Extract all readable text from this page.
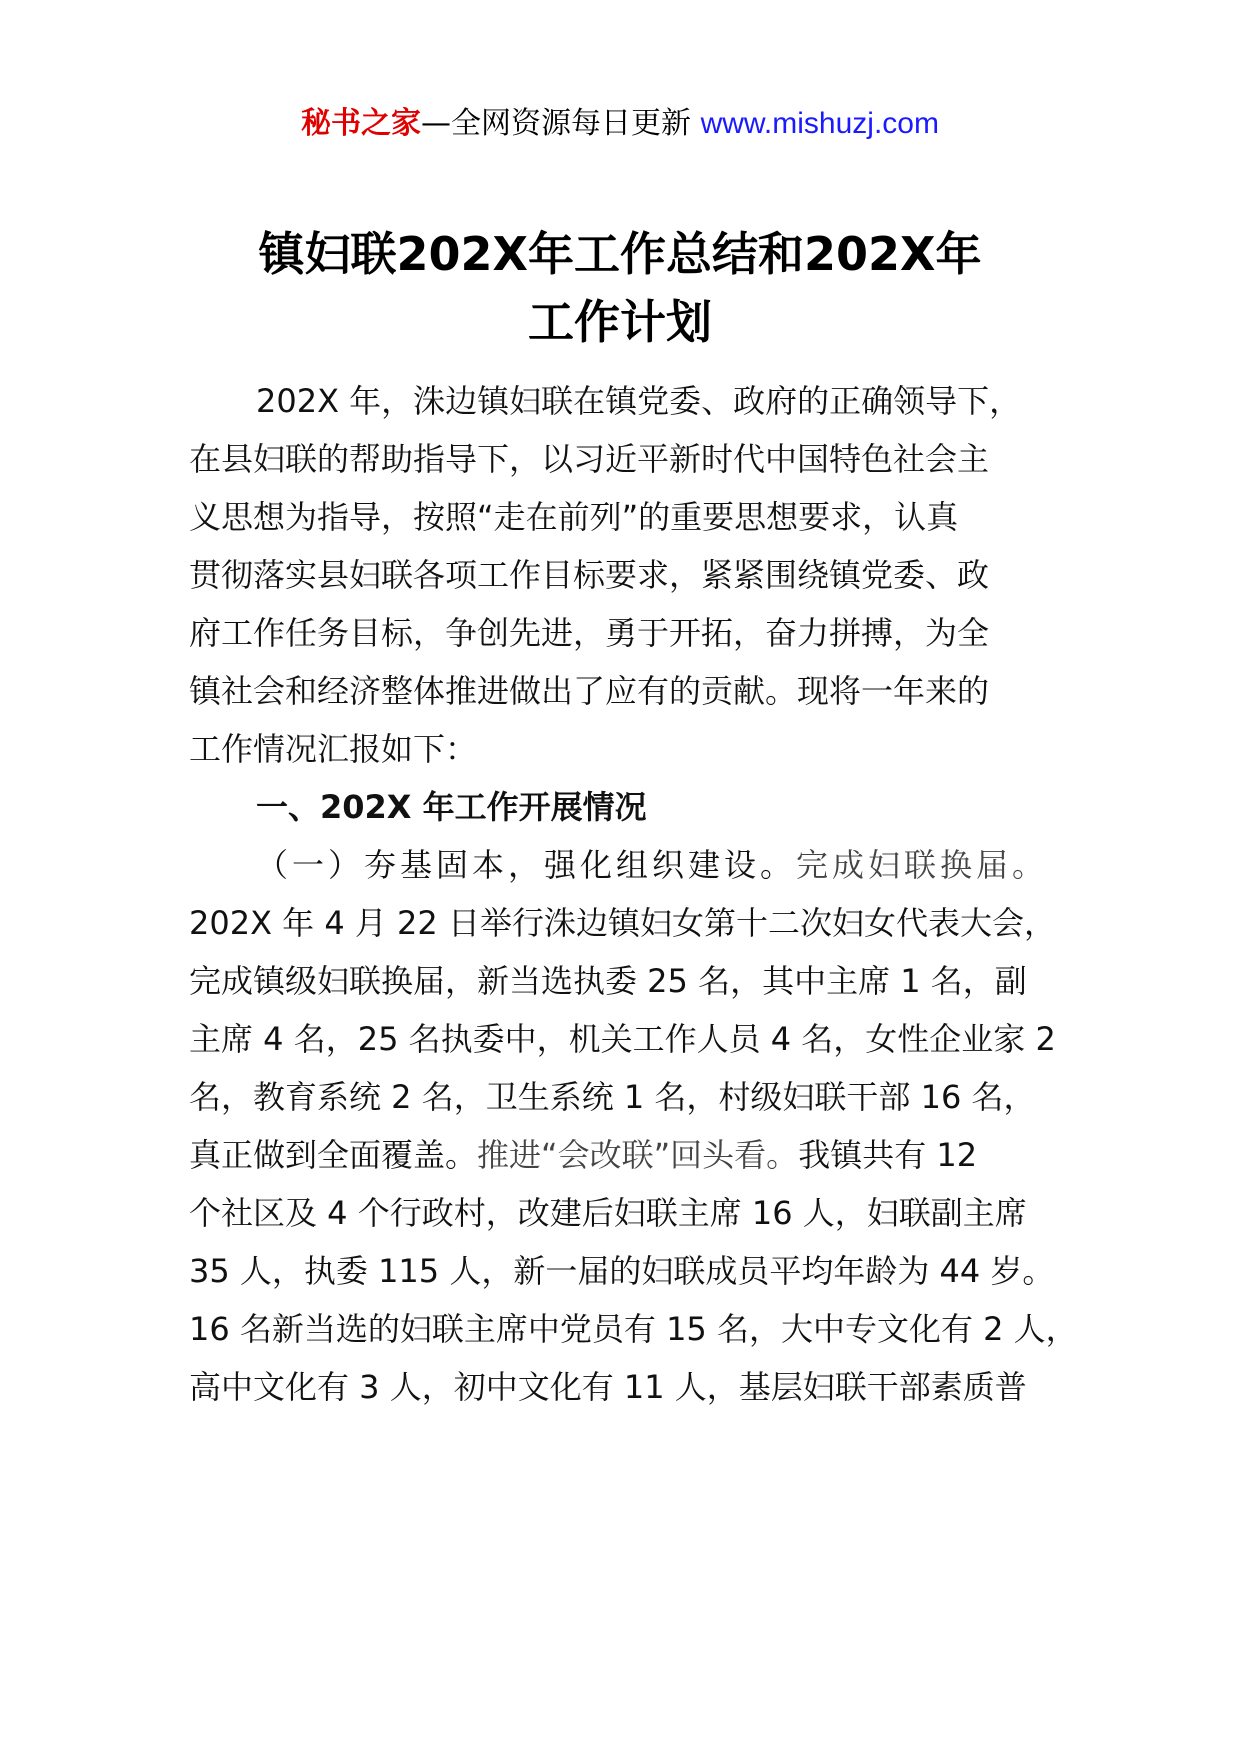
秘书之家—全网资源每日更新 www.mishuzj.com
镇妇联202X年工作总结和202X年
工作计划
202X 年，洙边镇妇联在镇党委、政府的正确领导下，
在县妇联的帮助指导下，以习近平新时代中国特色社会主
义思想为指导，按照“走在前列”的重要思想要求，认真
贯彻落实县妇联各项工作目标要求，紧紧围绕镇党委、政
府工作任务目标，争创先进，勇于开拓，奋力拼搏，为全
镇社会和经济整体推进做出了应有的贡献。现将一年来的
工作情况汇报如下：
一、202X 年工作开展情况
（一）夯基固本，强化组织建设。完成妇联换届。
202X 年 4 月 22 日举行洙边镇妇女第十二次妇女代表大会，
完成镇级妇联换届，新当选执委 25 名，其中主席 1 名，副
主席 4 名，25 名执委中，机关工作人员 4 名，女性企业家 2
名，教育系统 2 名，卫生系统 1 名，村级妇联干部 16 名，
真正做到全面覆盖。推进“会改联”回头看。我镇共有 12
个社区及 4 个行政村，改建后妇联主席 16 人，妇联副主席
35 人，执委 115 人，新一届的妇联成员平均年龄为 44 岁。
16 名新当选的妇联主席中党员有 15 名，大中专文化有 2 人，
高中文化有 3 人，初中文化有 11 人，基层妇联干部素质普
